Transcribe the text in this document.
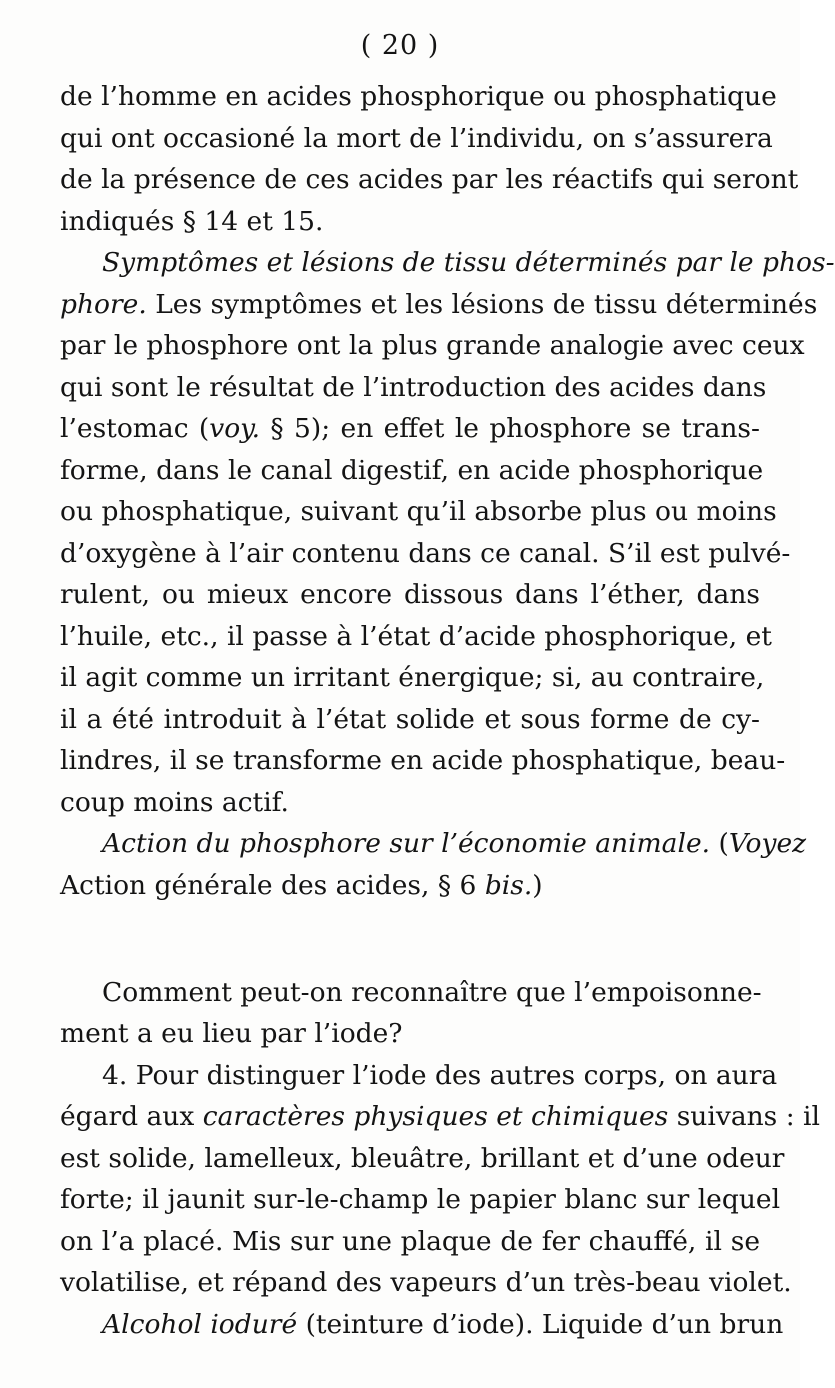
( 20 )
de l’homme en acides phosphorique ou phosphatique
qui ont occasioné la mort de l’individu, on s’assurera
de la présence de ces acides par les réactifs qui seront
indiqués § 14 et 15.
Symptômes et lésions de tissu déterminés par le phos-
phore. Les symptômes et les lésions de tissu déterminés
par le phosphore ont la plus grande analogie avec ceux
qui sont le résultat de l’introduction des acides dans
l’estomac (voy. § 5); en effet le phosphore se trans-
forme, dans le canal digestif, en acide phosphorique
ou phosphatique, suivant qu’il absorbe plus ou moins
d’oxygène à l’air contenu dans ce canal. S’il est pulvé-
rulent, ou mieux encore dissous dans l’éther, dans
l’huile, etc., il passe à l’état d’acide phosphorique, et
il agit comme un irritant énergique; si, au contraire,
il a été introduit à l’état solide et sous forme de cy-
lindres, il se transforme en acide phosphatique, beau-
coup moins actif.
Action du phosphore sur l’économie animale. (Voyez
Action générale des acides, § 6 bis.)
Comment peut-on reconnaître que l’empoisonne-
ment a eu lieu par l’iode?
4. Pour distinguer l’iode des autres corps, on aura
égard aux caractères physiques et chimiques suivans : il
est solide, lamelleux, bleuâtre, brillant et d’une odeur
forte; il jaunit sur-le-champ le papier blanc sur lequel
on l’a placé. Mis sur une plaque de fer chauffé, il se
volatilise, et répand des vapeurs d’un très-beau violet.
Alcohol ioduré (teinture d’iode). Liquide d’un brun
